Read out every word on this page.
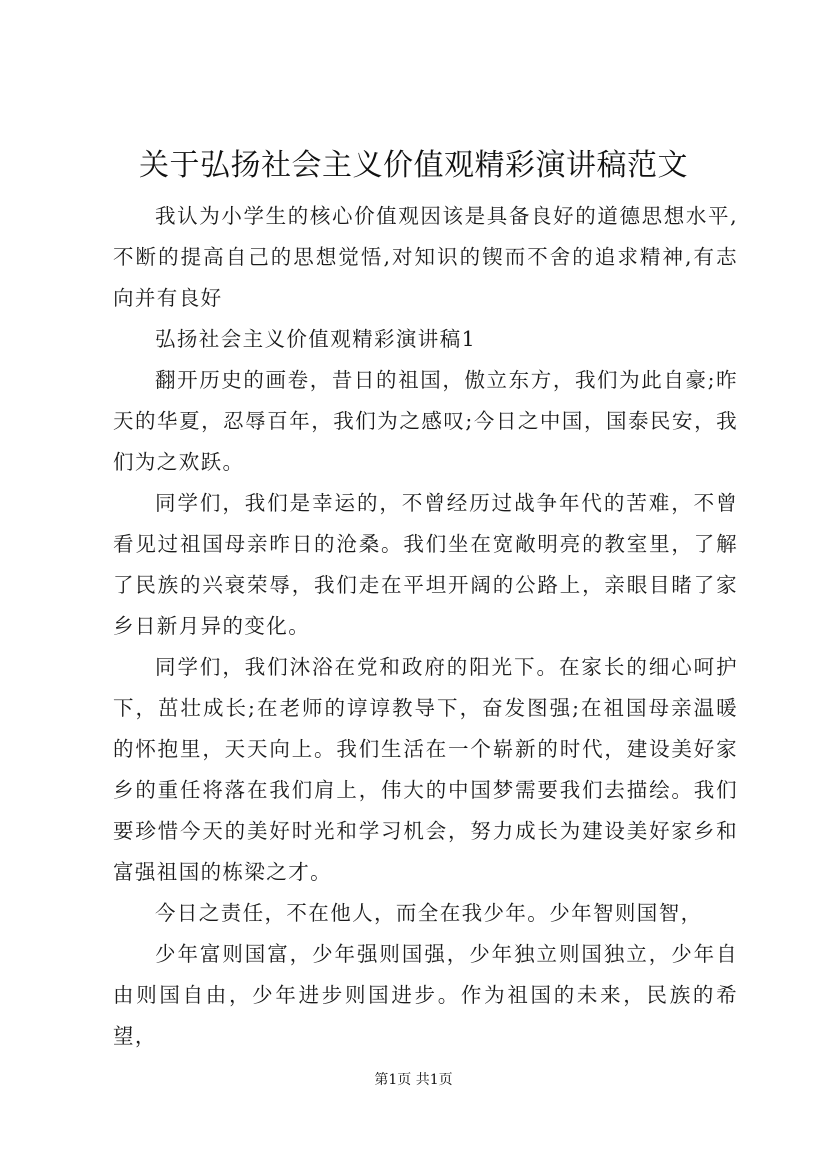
关于弘扬社会主义价值观精彩演讲稿范文

我认为小学生的核心价值观因该是具备良好的道德思想水平,不断的提高自己的思想觉悟,对知识的锲而不舍的追求精神,有志向并有良好

弘扬社会主义价值观精彩演讲稿1

翻开历史的画卷，昔日的祖国，傲立东方，我们为此自豪;昨天的华夏，忍辱百年，我们为之感叹;今日之中国，国泰民安，我们为之欢跃。

同学们，我们是幸运的，不曾经历过战争年代的苦难，不曾看见过祖国母亲昨日的沧桑。我们坐在宽敞明亮的教室里，了解了民族的兴衰荣辱，我们走在平坦开阔的公路上，亲眼目睹了家乡日新月异的变化。

同学们，我们沐浴在党和政府的阳光下。在家长的细心呵护下，茁壮成长;在老师的谆谆教导下，奋发图强;在祖国母亲温暖的怀抱里，天天向上。我们生活在一个崭新的时代，建设美好家乡的重任将落在我们肩上，伟大的中国梦需要我们去描绘。我们要珍惜今天的美好时光和学习机会，努力成长为建设美好家乡和富强祖国的栋梁之才。

今日之责任，不在他人，而全在我少年。少年智则国智，

少年富则国富，少年强则国强，少年独立则国独立，少年自由则国自由，少年进步则国进步。作为祖国的未来，民族的希望，

第1页 共1页
